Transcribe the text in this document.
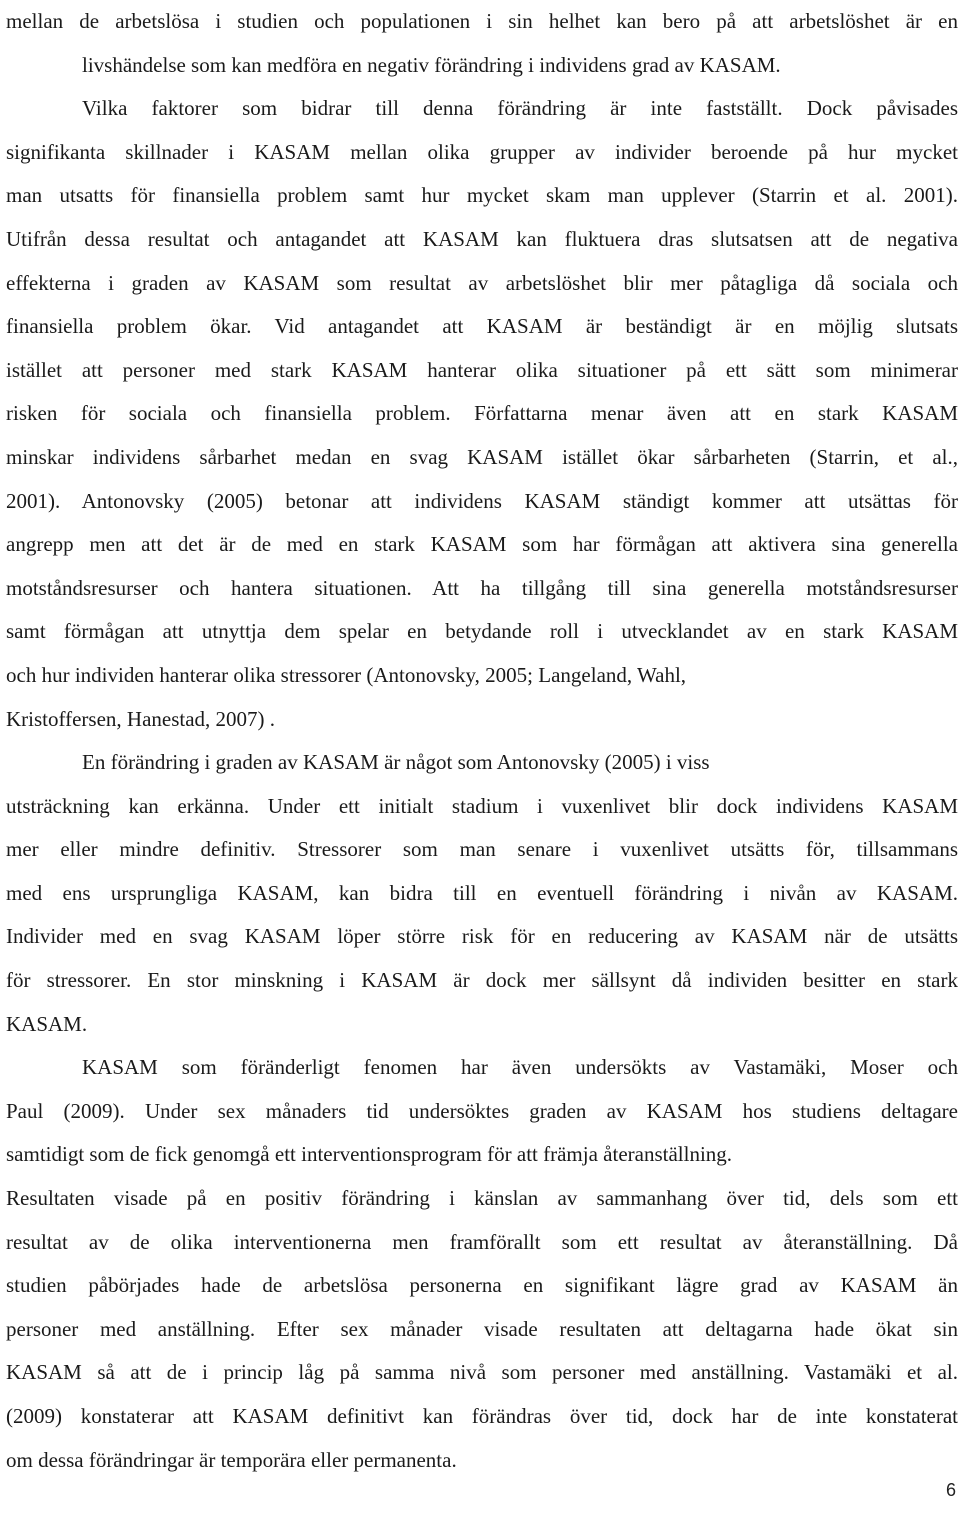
mellan de arbetslösa i studien och populationen i sin helhet kan bero på att arbetslöshet är en
livshändelse som kan medföra en negativ förändring i individens grad av KASAM.
Vilka faktorer som bidrar till denna förändring är inte fastställt. Dock påvisades
signifikanta skillnader i KASAM mellan olika grupper av individer beroende på hur mycket
man utsatts för finansiella problem samt hur mycket skam man upplever (Starrin et al. 2001).
Utifrån dessa resultat och antagandet att KASAM kan fluktuera dras slutsatsen att de negativa
effekterna i graden av KASAM som resultat av arbetslöshet blir mer påtagliga då sociala och
finansiella problem ökar. Vid antagandet att KASAM är beständigt är en möjlig slutsats
istället att personer med stark KASAM hanterar olika situationer på ett sätt som minimerar
risken för sociala och finansiella problem. Författarna menar även att en stark KASAM
minskar individens sårbarhet medan en svag KASAM istället ökar sårbarheten (Starrin, et al.,
2001). Antonovsky (2005) betonar att individens KASAM ständigt kommer att utsättas för
angrepp men att det är de med en stark KASAM som har förmågan att aktivera sina generella
motståndsresurser och hantera situationen. Att ha tillgång till sina generella motståndsresurser
samt förmågan att utnyttja dem spelar en betydande roll i utvecklandet av en stark KASAM
och hur individen hanterar olika stressorer (Antonovsky, 2005; Langeland, Wahl,
Kristoffersen, Hanestad, 2007) .
En förändring i graden av KASAM är något som Antonovsky (2005) i viss
utsträckning kan erkänna. Under ett initialt stadium i vuxenlivet blir dock individens KASAM
mer eller mindre definitiv. Stressorer som man senare i vuxenlivet utsätts för, tillsammans
med ens ursprungliga KASAM, kan bidra till en eventuell förändring i nivån av KASAM.
Individer med en svag KASAM löper större risk för en reducering av KASAM när de utsätts
för stressorer. En stor minskning i KASAM är dock mer sällsynt då individen besitter en stark
KASAM.
KASAM som föränderligt fenomen har även undersökts av Vastamäki, Moser och
Paul (2009). Under sex månaders tid undersöktes graden av KASAM hos studiens deltagare
samtidigt som de fick genomgå ett interventionsprogram för att främja återanställning.
Resultaten visade på en positiv förändring i känslan av sammanhang över tid, dels som ett
resultat av de olika interventionerna men framförallt som ett resultat av återanställning. Då
studien påbörjades hade de arbetslösa personerna en signifikant lägre grad av KASAM än
personer med anställning. Efter sex månader visade resultaten att deltagarna hade ökat sin
KASAM så att de i princip låg på samma nivå som personer med anställning. Vastamäki et al.
(2009) konstaterar att KASAM definitivt kan förändras över tid, dock har de inte konstaterat
om dessa förändringar är temporära eller permanenta.
6
